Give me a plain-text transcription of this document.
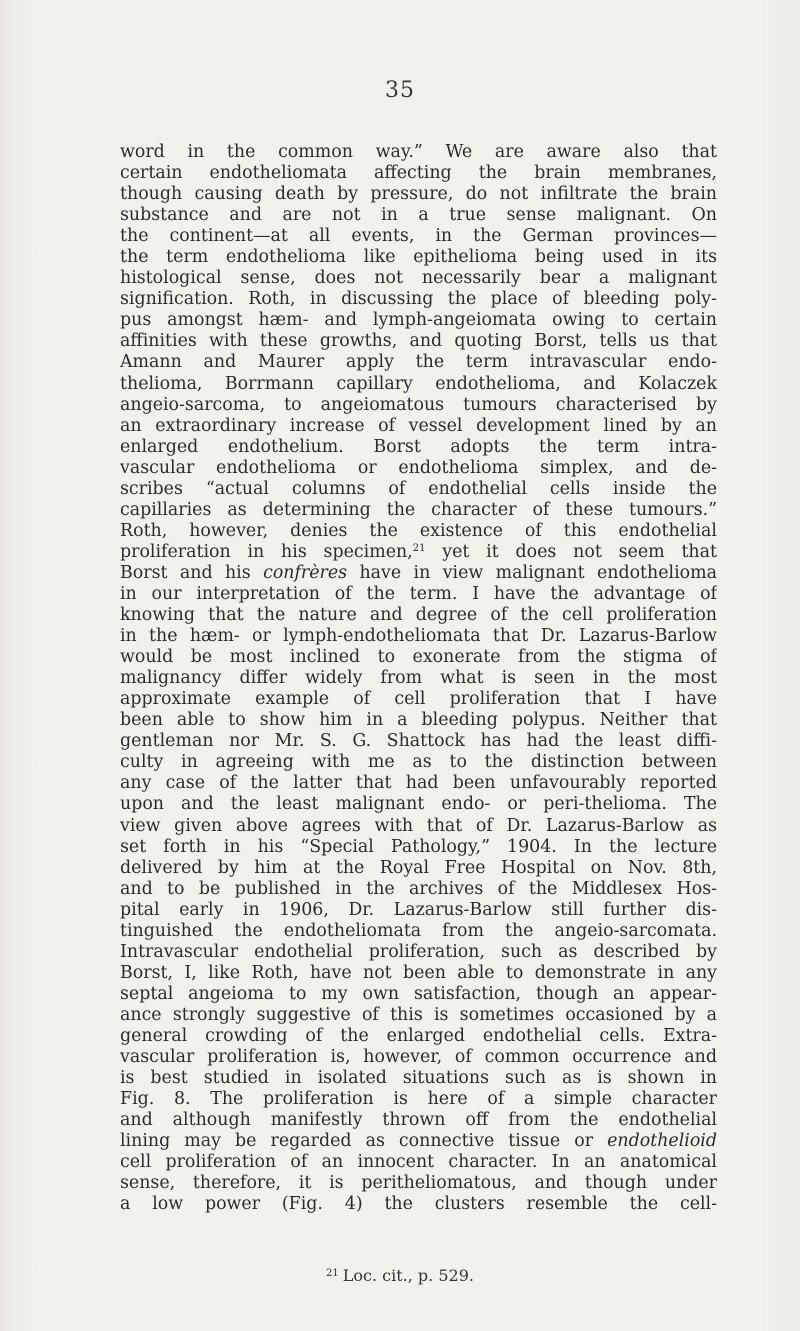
35
word in the common way.” We are aware also that
certain endotheliomata affecting the brain membranes,
though causing death by pressure, do not infiltrate the brain
substance and are not in a true sense malignant. On
the continent—at all events, in the German provinces—
the term endothelioma like epithelioma being used in its
histological sense, does not necessarily bear a malignant
signification. Roth, in discussing the place of bleeding poly-
pus amongst hæm- and lymph-angeiomata owing to certain
affinities with these growths, and quoting Borst, tells us that
Amann and Maurer apply the term intravascular endo-
thelioma, Borrmann capillary endothelioma, and Kolaczek
angeio-sarcoma, to angeiomatous tumours characterised by
an extraordinary increase of vessel development lined by an
enlarged endothelium. Borst adopts the term intra-
vascular endothelioma or endothelioma simplex, and de-
scribes “actual columns of endothelial cells inside the
capillaries as determining the character of these tumours.”
Roth, however, denies the existence of this endothelial
proliferation in his specimen,$^{21}$ yet it does not seem that
Borst and his confrères have in view malignant endothelioma
in our interpretation of the term. I have the advantage of
knowing that the nature and degree of the cell proliferation
in the hæm- or lymph-endotheliomata that Dr. Lazarus-Barlow
would be most inclined to exonerate from the stigma of
malignancy differ widely from what is seen in the most
approximate example of cell proliferation that I have
been able to show him in a bleeding polypus. Neither that
gentleman nor Mr. S. G. Shattock has had the least diffi-
culty in agreeing with me as to the distinction between
any case of the latter that had been unfavourably reported
upon and the least malignant endo- or peri-thelioma. The
view given above agrees with that of Dr. Lazarus-Barlow as
set forth in his “Special Pathology,” 1904. In the lecture
delivered by him at the Royal Free Hospital on Nov. 8th,
and to be published in the archives of the Middlesex Hos-
pital early in 1906, Dr. Lazarus-Barlow still further dis-
tinguished the endotheliomata from the angeio-sarcomata.
Intravascular endothelial proliferation, such as described by
Borst, I, like Roth, have not been able to demonstrate in any
septal angeioma to my own satisfaction, though an appear-
ance strongly suggestive of this is sometimes occasioned by a
general crowding of the enlarged endothelial cells. Extra-
vascular proliferation is, however, of common occurrence and
is best studied in isolated situations such as is shown in
Fig. 8. The proliferation is here of a simple character
and although manifestly thrown off from the endothelial
lining may be regarded as connective tissue or endothelioid
cell proliferation of an innocent character. In an anatomical
sense, therefore, it is peritheliomatous, and though under
a low power (Fig. 4) the clusters resemble the cell-
$^{21}$ Loc. cit., p. 529.
